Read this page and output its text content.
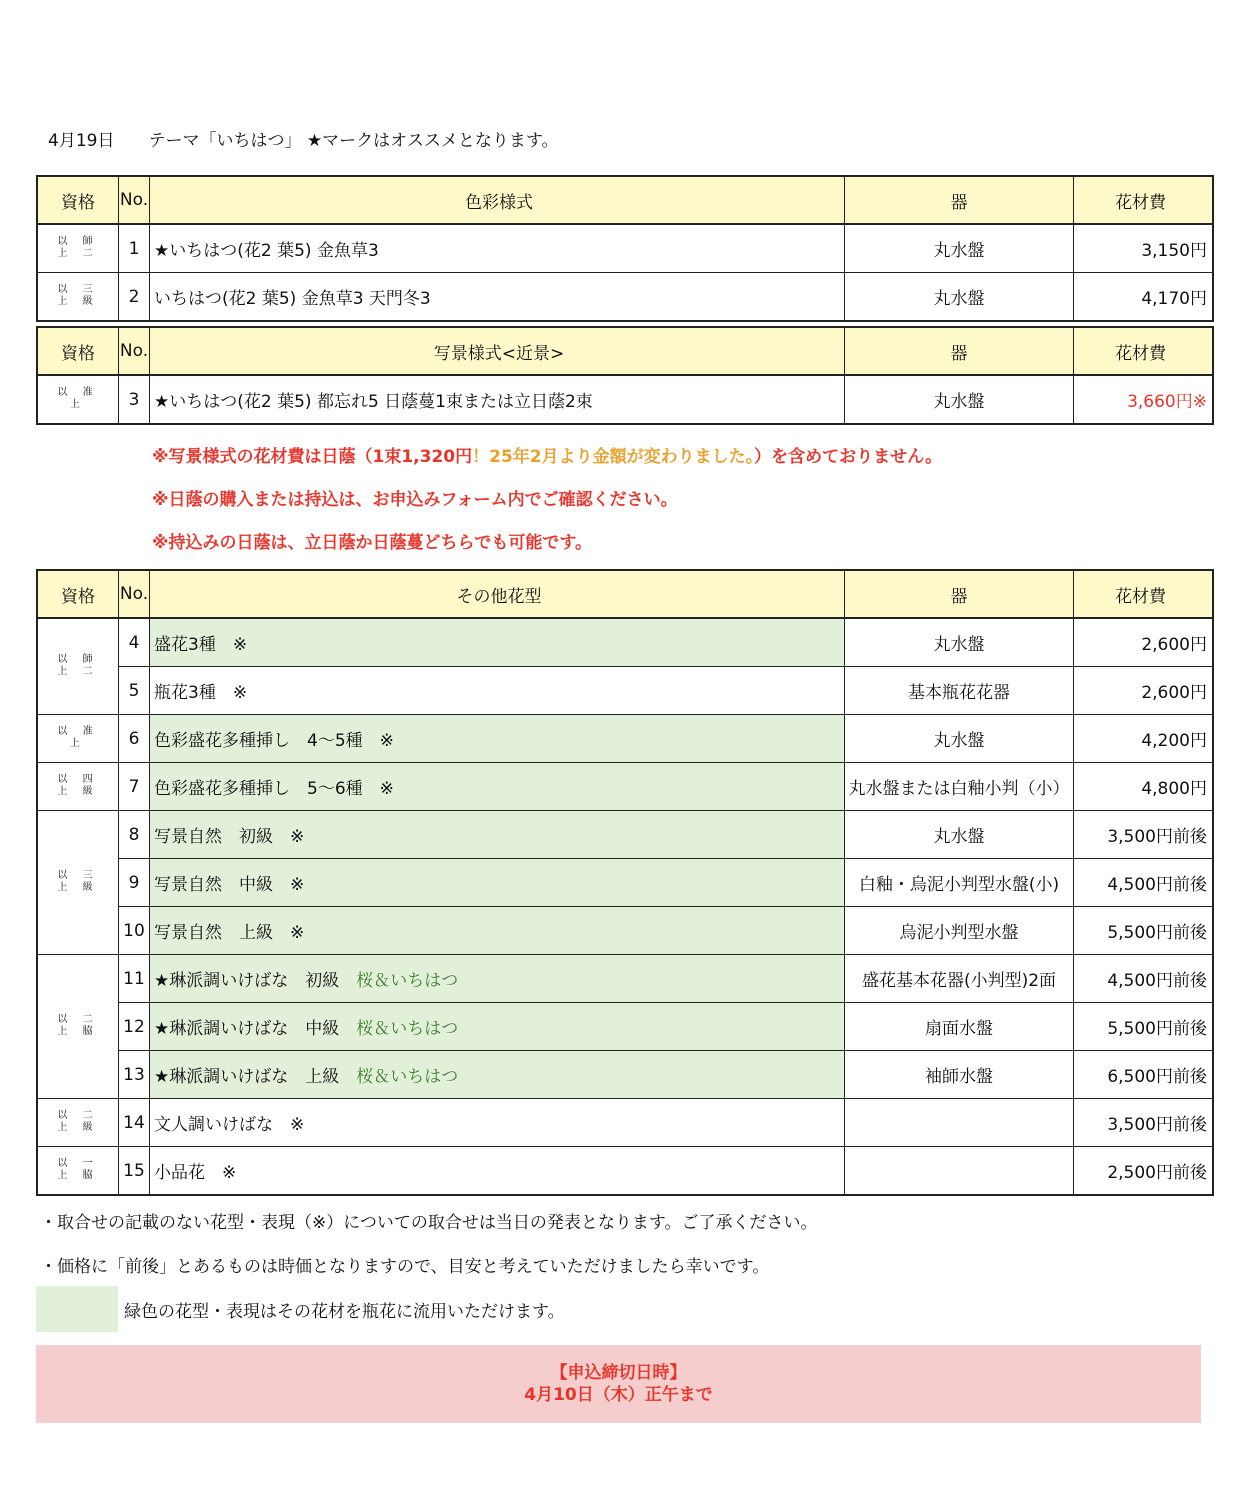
4月19日　　テーマ「いちはつ」 ★マークはオススメとなります。
資格	No.	色彩様式	器	花材費
以 師
上 二	1	★いちはつ(花2 葉5) 金魚草3	丸水盤	3,150円
以 三
上 級	2	いちはつ(花2 葉5) 金魚草3 天門冬3	丸水盤	4,170円
資格	No.	写景様式<近景>	器	花材費
以 准
上	3	★いちはつ(花2 葉5) 都忘れ5 日蔭蔓1束または立日蔭2束	丸水盤	3,660円※
※写景様式の花材費は日蔭（1束1,320円！25年2月より金額が変わりました。）を含めておりません。
※日蔭の購入または持込は、お申込みフォーム内でご確認ください。
※持込みの日蔭は、立日蔭か日蔭蔓どちらでも可能です。
資格	No.	その他花型	器	花材費
以 師
上 二	4	盛花3種　※	丸水盤	2,600円
	5	瓶花3種　※	基本瓶花花器	2,600円
以 准
上	6	色彩盛花多種挿し　4～5種　※	丸水盤	4,200円
以 四
上 級	7	色彩盛花多種挿し　5～6種　※	丸水盤または白釉小判（小）	4,800円
以 三
上 級	8	写景自然　初級　※	丸水盤	3,500円前後
	9	写景自然　中級　※	白釉・烏泥小判型水盤(小)	4,500円前後
	10	写景自然　上級　※	烏泥小判型水盤	5,500円前後
以 二
上 脇	11	★琳派調いけばな　初級　 桜＆いちはつ	盛花基本花器(小判型)2面	4,500円前後
	12	★琳派調いけばな　中級　 桜＆いちはつ	扇面水盤	5,500円前後
	13	★琳派調いけばな　上級　 桜＆いちはつ	袖師水盤	6,500円前後
以 二
上 級	14	文人調いけばな　※		3,500円前後
以 一
上 脇	15	小品花　※		2,500円前後
・取合せの記載のない花型・表現（※）についての取合せは当日の発表となります。ご了承ください。
・価格に「前後」とあるものは時価となりますので、目安と考えていただけましたら幸いです。
緑色の花型・表現はその花材を瓶花に流用いただけます。
【申込締切日時】
4月10日（木）正午まで
